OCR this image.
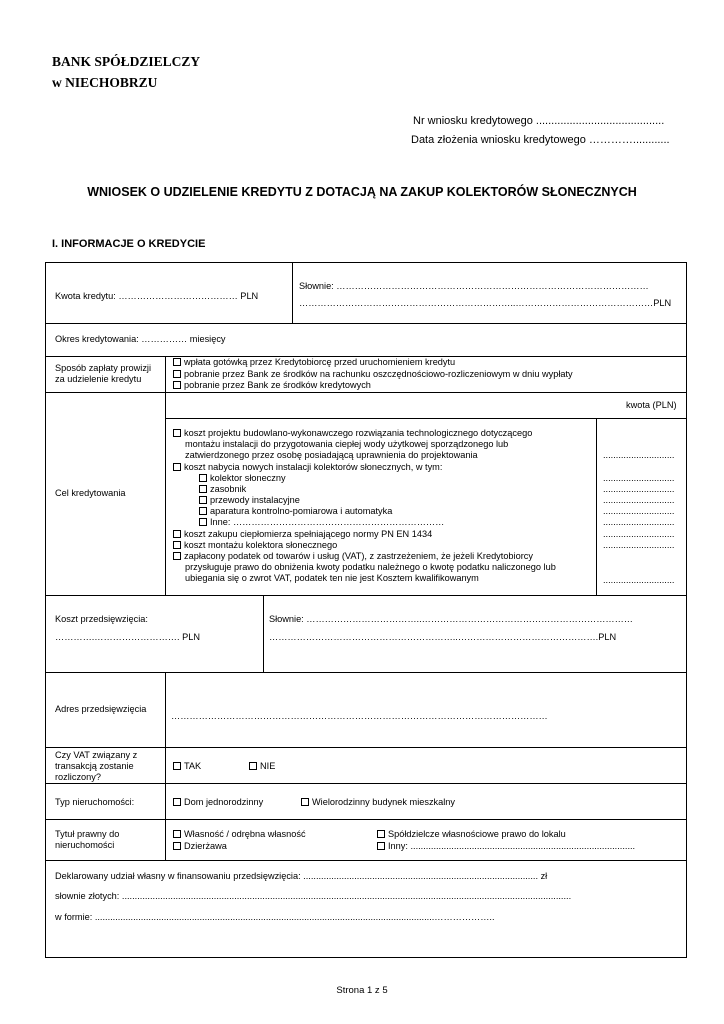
BANK SPÓŁDZIELCZY
w NIECHOBRZU
Nr wniosku kredytowego ..........................................
Data złożenia wniosku kredytowego …………............
WNIOSEK O UDZIELENIE KREDYTU Z DOTACJĄ NA ZAKUP KOLEKTORÓW SŁONECZNYCH
I. INFORMACJE O KREDYCIE
Kwota kredytu: ………………………………… PLN
Słownie: …………………………………………………………………………………………
……………………………………………………………..………………………………………PLN
Okres kredytowania: …………… miesięcy
Sposób zapłaty prowizji
za udzielenie kredytu
wpłata gotówką przez Kredytobiorcę przed uruchomieniem kredytu
pobranie przez Bank ze środków na rachunku oszczędnościowo-rozliczeniowym w dniu wypłaty
pobranie przez Bank ze środków kredytowych
Cel kredytowania
kwota (PLN)
koszt projektu budowlano-wykonawczego rozwiązania technologicznego dotyczącego
montażu instalacji do przygotowania ciepłej wody użytkowej sporządzonego lub
zatwierdzonego przez osobę posiadającą uprawnienia do projektowania	............................
koszt nabycia nowych instalacji kolektorów słonecznych, w tym:
kolektor słoneczny	............................
zasobnik	............................
przewody instalacyjne	............................
aparatura kontrolno-pomiarowa i automatyka	............................
Inne: ……………………………………………………………	............................
koszt zakupu ciepłomierza spełniającego normy PN EN 1434	............................
koszt montażu kolektora słonecznego	............................
zapłacony podatek od towarów i usług (VAT), z zastrzeżeniem, że jeżeli Kredytobiorcy
przysługuje prawo do obniżenia kwoty podatku należnego o kwotę podatku naliczonego lub
ubiegania się o zwrot VAT, podatek ten nie jest Kosztem kwalifikowanym	............................
Koszt przedsięwzięcia:
………….………………………. PLN
Słownie: ………………………………..……………………………………………………………
……………………………………………………..……………………………………….PLN
Adres przedsięwzięcia
……………………………………………………………………………………………………………
Czy VAT związany z
transakcją zostanie
rozliczony?
TAK	NIE
Typ nieruchomości:	Dom jednorodzinny	Wielorodzinny budynek mieszkalny
Tytuł prawny do
nieruchomości
Własność / odrębna własność
Dzierżawa
Spółdzielcze własnościowe prawo do lokalu
Inny: ........................................................................................
Deklarowany udział własny w finansowaniu przedsięwzięcia: ............................................................................................ zł
słownie złotych: ................................................................................................................................................................................
w formie: .....................................................................................................................................………………..
Strona 1 z 5
